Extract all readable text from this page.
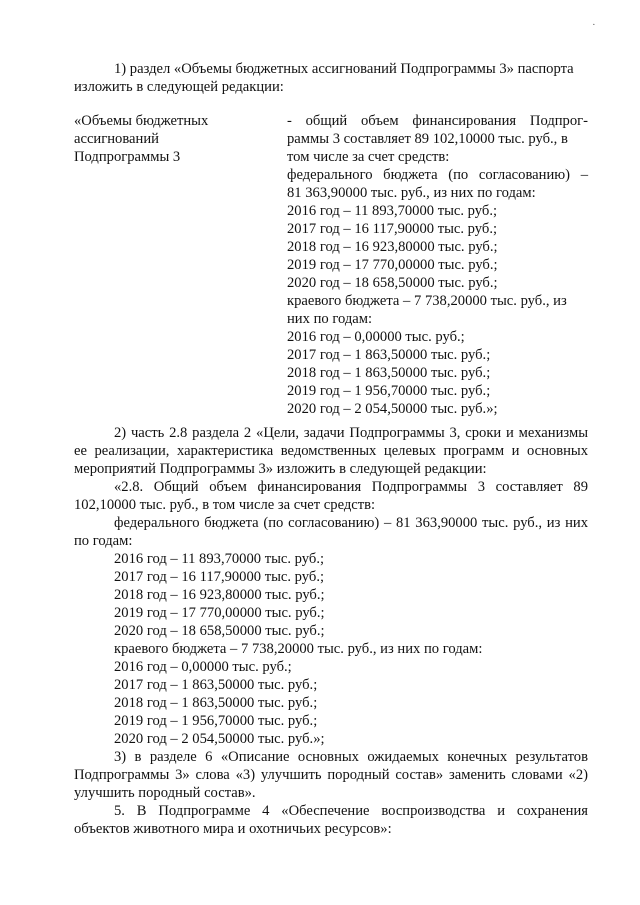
·
1) раздел «Объемы бюджетных ассигнований Подпрограммы 3» паспорта
изложить в следующей редакции:
«Объемы бюджетных
ассигнований
Подпрограммы 3
- общий объем финансирования Подпрог-
раммы 3 составляет 89 102,10000 тыс. руб., в
том числе за счет средств:
федерального бюджета (по согласованию) –
81 363,90000 тыс. руб., из них по годам:
2016 год – 11 893,70000 тыс. руб.;
2017 год – 16 117,90000 тыс. руб.;
2018 год – 16 923,80000 тыс. руб.;
2019 год – 17 770,00000 тыс. руб.;
2020 год – 18 658,50000 тыс. руб.;
краевого бюджета – 7 738,20000 тыс. руб., из
них по годам:
2016 год – 0,00000 тыс. руб.;
2017 год – 1 863,50000 тыс. руб.;
2018 год – 1 863,50000 тыс. руб.;
2019 год – 1 956,70000 тыс. руб.;
2020 год – 2 054,50000 тыс. руб.»;

2) часть 2.8 раздела 2 «Цели, задачи Подпрограммы 3, сроки и механизмы ее реализации, характеристика ведомственных целевых программ и основных мероприятий Подпрограммы 3» изложить в следующей редакции:

«2.8. Общий объем финансирования Подпрограммы 3 составляет 89 102,10000 тыс. руб., в том числе за счет средств:

федерального бюджета (по согласованию) – 81 363,90000 тыс. руб., из них по годам:

2016 год – 11 893,70000 тыс. руб.;
2017 год – 16 117,90000 тыс. руб.;
2018 год – 16 923,80000 тыс. руб.;
2019 год – 17 770,00000 тыс. руб.;
2020 год – 18 658,50000 тыс. руб.;

краевого бюджета – 7 738,20000 тыс. руб., из них по годам:

2016 год – 0,00000 тыс. руб.;
2017 год – 1 863,50000 тыс. руб.;
2018 год – 1 863,50000 тыс. руб.;
2019 год – 1 956,70000 тыс. руб.;
2020 год – 2 054,50000 тыс. руб.»;

3) в разделе 6 «Описание основных ожидаемых конечных результатов Подпрограммы 3» слова «3) улучшить породный состав» заменить словами «2) улучшить породный состав».

5. В Подпрограмме 4 «Обеспечение воспроизводства и сохранения объектов животного мира и охотничьих ресурсов»:
